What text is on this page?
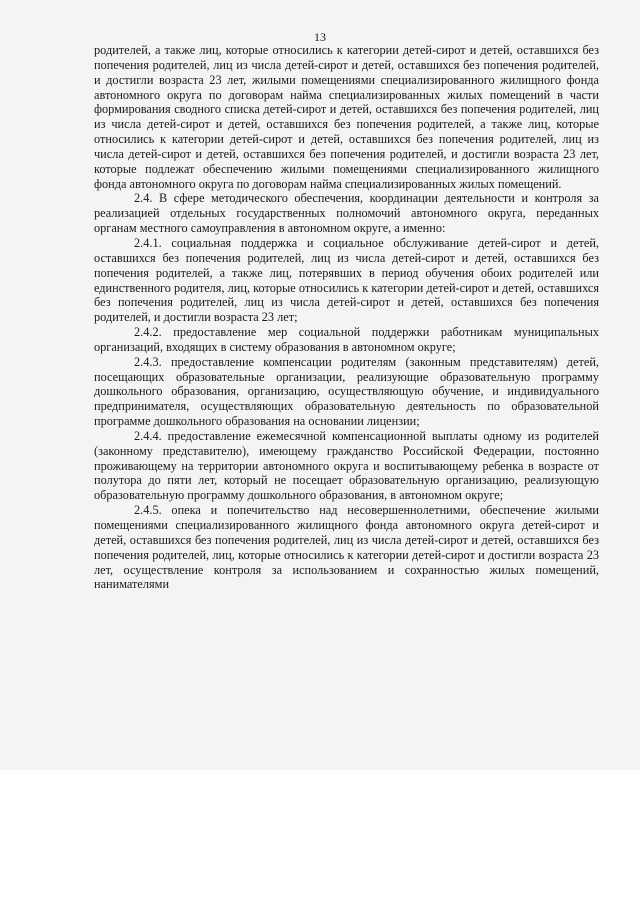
13

родителей, а также лиц, которые относились к категории детей-сирот и детей, оставшихся без попечения родителей, лиц из числа детей-сирот и детей, оставшихся без попечения родителей, и достигли возраста 23 лет, жилыми помещениями специализированного жилищного фонда автономного округа по договорам найма специализированных жилых помещений в части формирования сводного списка детей-сирот и детей, оставшихся без попечения родителей, лиц из числа детей-сирот и детей, оставшихся без попечения родителей, а также лиц, которые относились к категории детей-сирот и детей, оставшихся без попечения родителей, лиц из числа детей-сирот и детей, оставшихся без попечения родителей, и достигли возраста 23 лет, которые подлежат обеспечению жилыми помещениями специализированного жилищного фонда автономного округа по договорам найма специализированных жилых помещений.

2.4. В сфере методического обеспечения, координации деятельности и контроля за реализацией отдельных государственных полномочий автономного округа, переданных органам местного самоуправления в автономном округе, а именно:

2.4.1. социальная поддержка и социальное обслуживание детей-сирот и детей, оставшихся без попечения родителей, лиц из числа детей-сирот и детей, оставшихся без попечения родителей, а также лиц, потерявших в период обучения обоих родителей или единственного родителя, лиц, которые относились к категории детей-сирот и детей, оставшихся без попечения родителей, лиц из числа детей-сирот и детей, оставшихся без попечения родителей, и достигли возраста 23 лет;

2.4.2. предоставление мер социальной поддержки работникам муниципальных организаций, входящих в систему образования в автономном округе;

2.4.3. предоставление компенсации родителям (законным представителям) детей, посещающих образовательные организации, реализующие образовательную программу дошкольного образования, организацию, осуществляющую обучение, и индивидуального предпринимателя, осуществляющих образовательную деятельность по образовательной программе дошкольного образования на основании лицензии;

2.4.4. предоставление ежемесячной компенсационной выплаты одному из родителей (законному представителю), имеющему гражданство Российской Федерации, постоянно проживающему на территории автономного округа и воспитывающему ребенка в возрасте от полутора до пяти лет, который не посещает образовательную организацию, реализующую образовательную программу дошкольного образования, в автономном округе;

2.4.5. опека и попечительство над несовершеннолетними, обеспечение жилыми помещениями специализированного жилищного фонда автономного округа детей-сирот и детей, оставшихся без попечения родителей, лиц из числа детей-сирот и детей, оставшихся без попечения родителей, лиц, которые относились к категории детей-сирот и достигли возраста 23 лет, осуществление контроля за использованием и сохранностью жилых помещений, нанимателями
